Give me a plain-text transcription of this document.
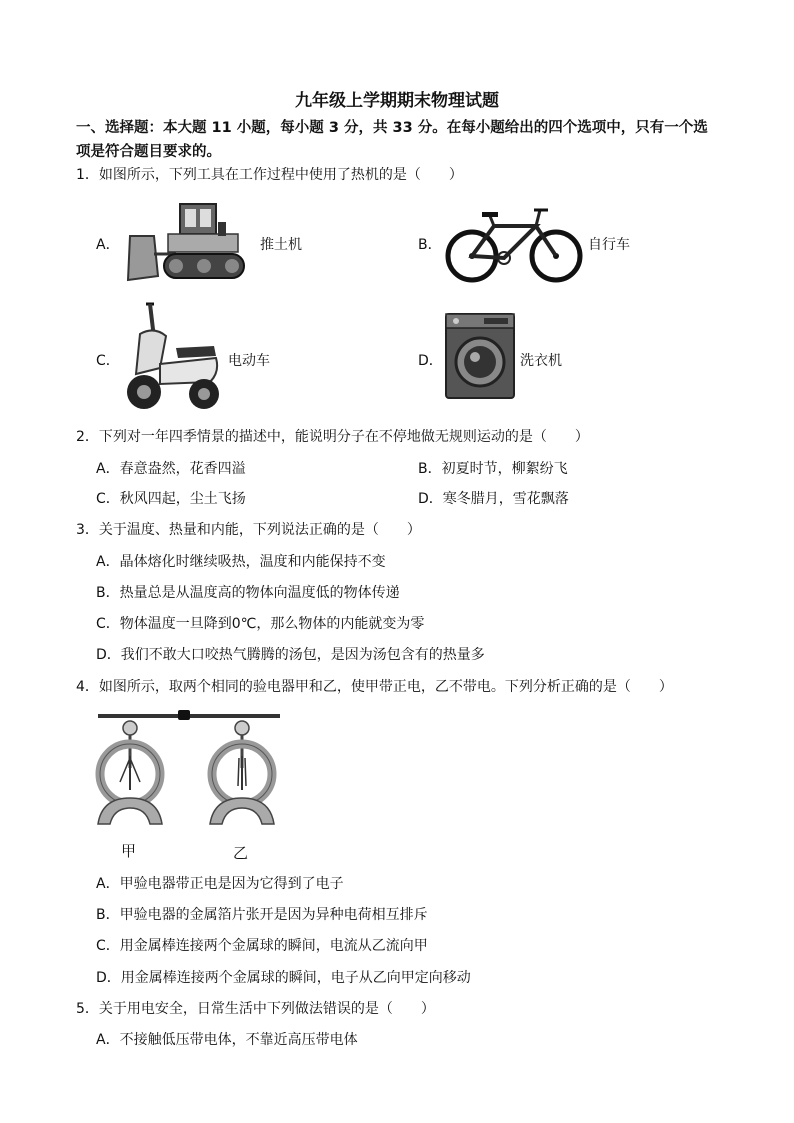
九年级上学期期末物理试题
一、选择题：本大题 11 小题，每小题 3 分，共 33 分。在每小题给出的四个选项中，只有一个选
项是符合题目要求的。
1．如图所示，下列工具在工作过程中使用了热机的是（　　）
A．	推土机	B．	自行车
C．	电动车	D．	洗衣机
2．下列对一年四季情景的描述中，能说明分子在不停地做无规则运动的是（　　）
A．春意盎然，花香四溢	B．初夏时节，柳絮纷飞
C．秋风四起，尘土飞扬	D．寒冬腊月，雪花飘落
3．关于温度、热量和内能，下列说法正确的是（　　）
A．晶体熔化时继续吸热，温度和内能保持不变
B．热量总是从温度高的物体向温度低的物体传递
C．物体温度一旦降到0℃，那么物体的内能就变为零
D．我们不敢大口咬热气腾腾的汤包，是因为汤包含有的热量多
4．如图所示，取两个相同的验电器甲和乙，使甲带正电，乙不带电。下列分析正确的是（　　）
甲	乙
A．甲验电器带正电是因为它得到了电子
B．甲验电器的金属箔片张开是因为异种电荷相互排斥
C．用金属棒连接两个金属球的瞬间，电流从乙流向甲
D．用金属棒连接两个金属球的瞬间，电子从乙向甲定向移动
5．关于用电安全，日常生活中下列做法错误的是（　　）
A．不接触低压带电体，不靠近高压带电体
